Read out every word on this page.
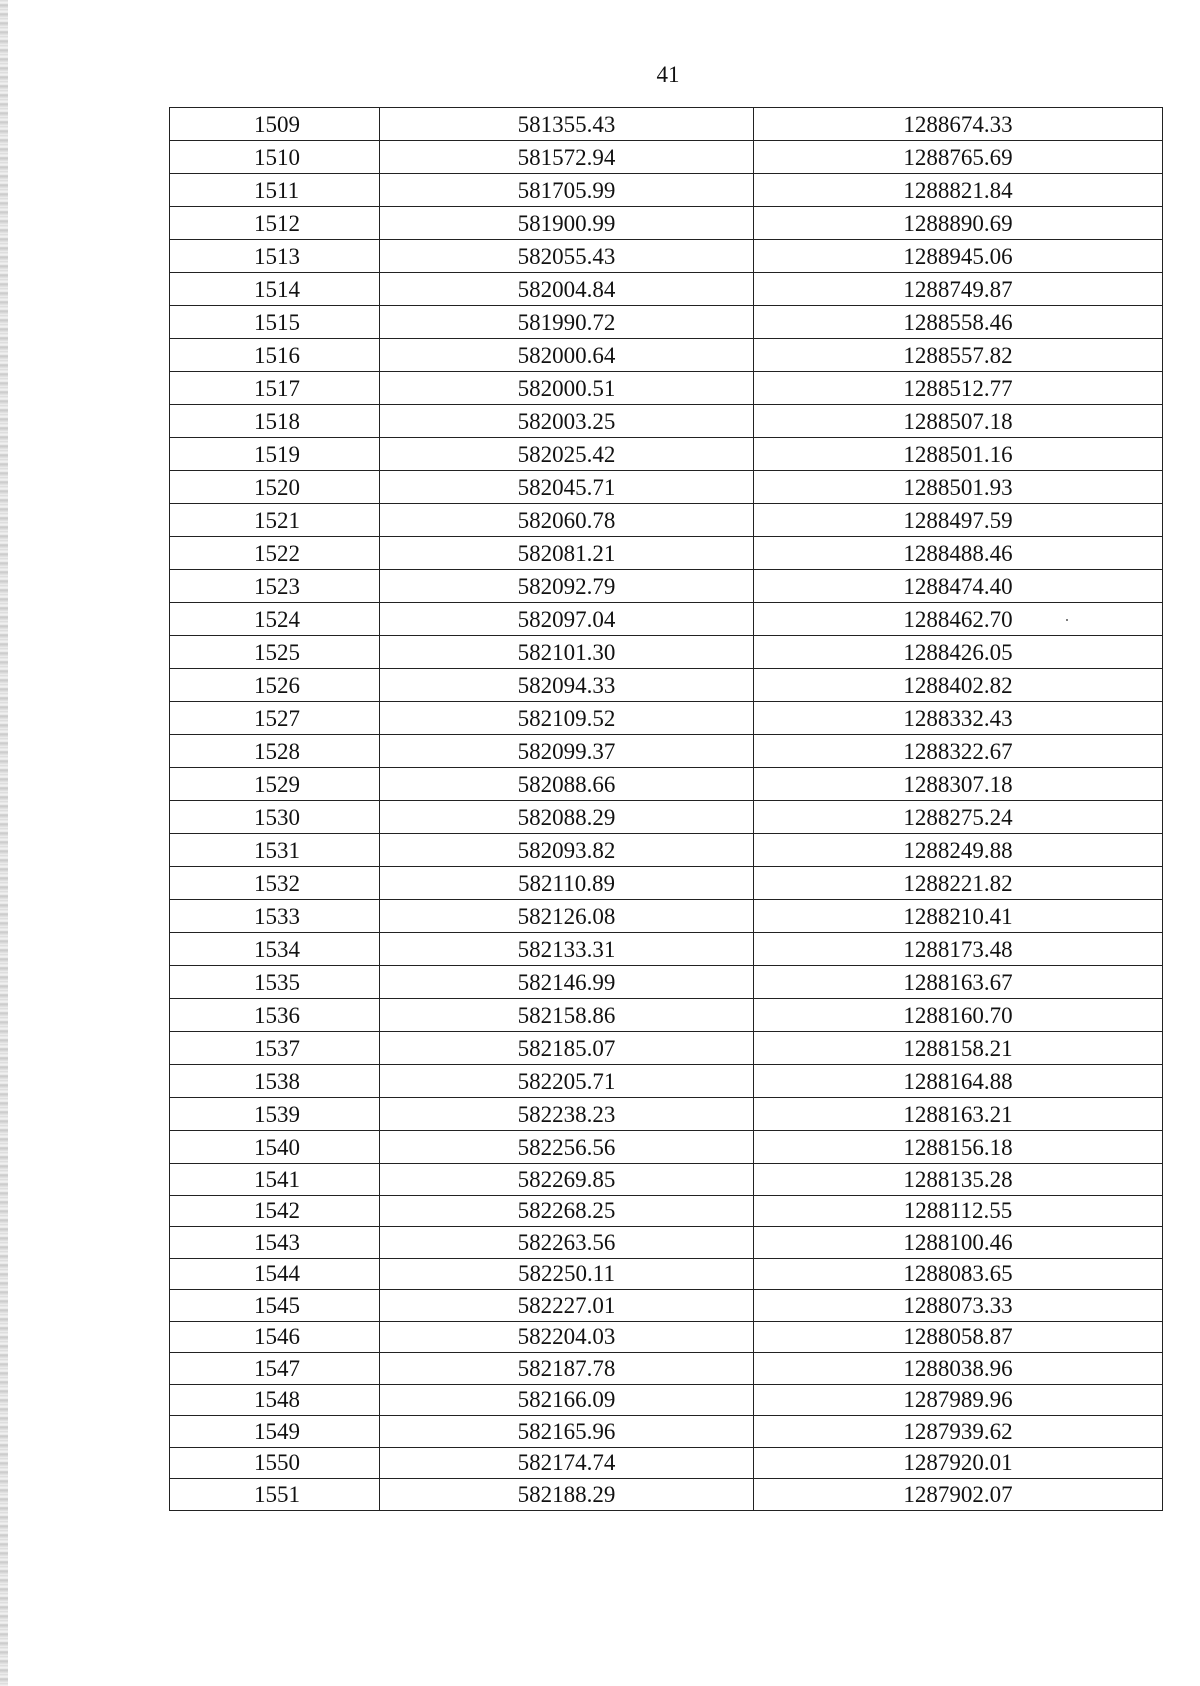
41
1509	581355.43	1288674.33
1510	581572.94	1288765.69
1511	581705.99	1288821.84
1512	581900.99	1288890.69
1513	582055.43	1288945.06
1514	582004.84	1288749.87
1515	581990.72	1288558.46
1516	582000.64	1288557.82
1517	582000.51	1288512.77
1518	582003.25	1288507.18
1519	582025.42	1288501.16
1520	582045.71	1288501.93
1521	582060.78	1288497.59
1522	582081.21	1288488.46
1523	582092.79	1288474.40
1524	582097.04	1288462.70
1525	582101.30	1288426.05
1526	582094.33	1288402.82
1527	582109.52	1288332.43
1528	582099.37	1288322.67
1529	582088.66	1288307.18
1530	582088.29	1288275.24
1531	582093.82	1288249.88
1532	582110.89	1288221.82
1533	582126.08	1288210.41
1534	582133.31	1288173.48
1535	582146.99	1288163.67
1536	582158.86	1288160.70
1537	582185.07	1288158.21
1538	582205.71	1288164.88
1539	582238.23	1288163.21
1540	582256.56	1288156.18
1541	582269.85	1288135.28
1542	582268.25	1288112.55
1543	582263.56	1288100.46
1544	582250.11	1288083.65
1545	582227.01	1288073.33
1546	582204.03	1288058.87
1547	582187.78	1288038.96
1548	582166.09	1287989.96
1549	582165.96	1287939.62
1550	582174.74	1287920.01
1551	582188.29	1287902.07
